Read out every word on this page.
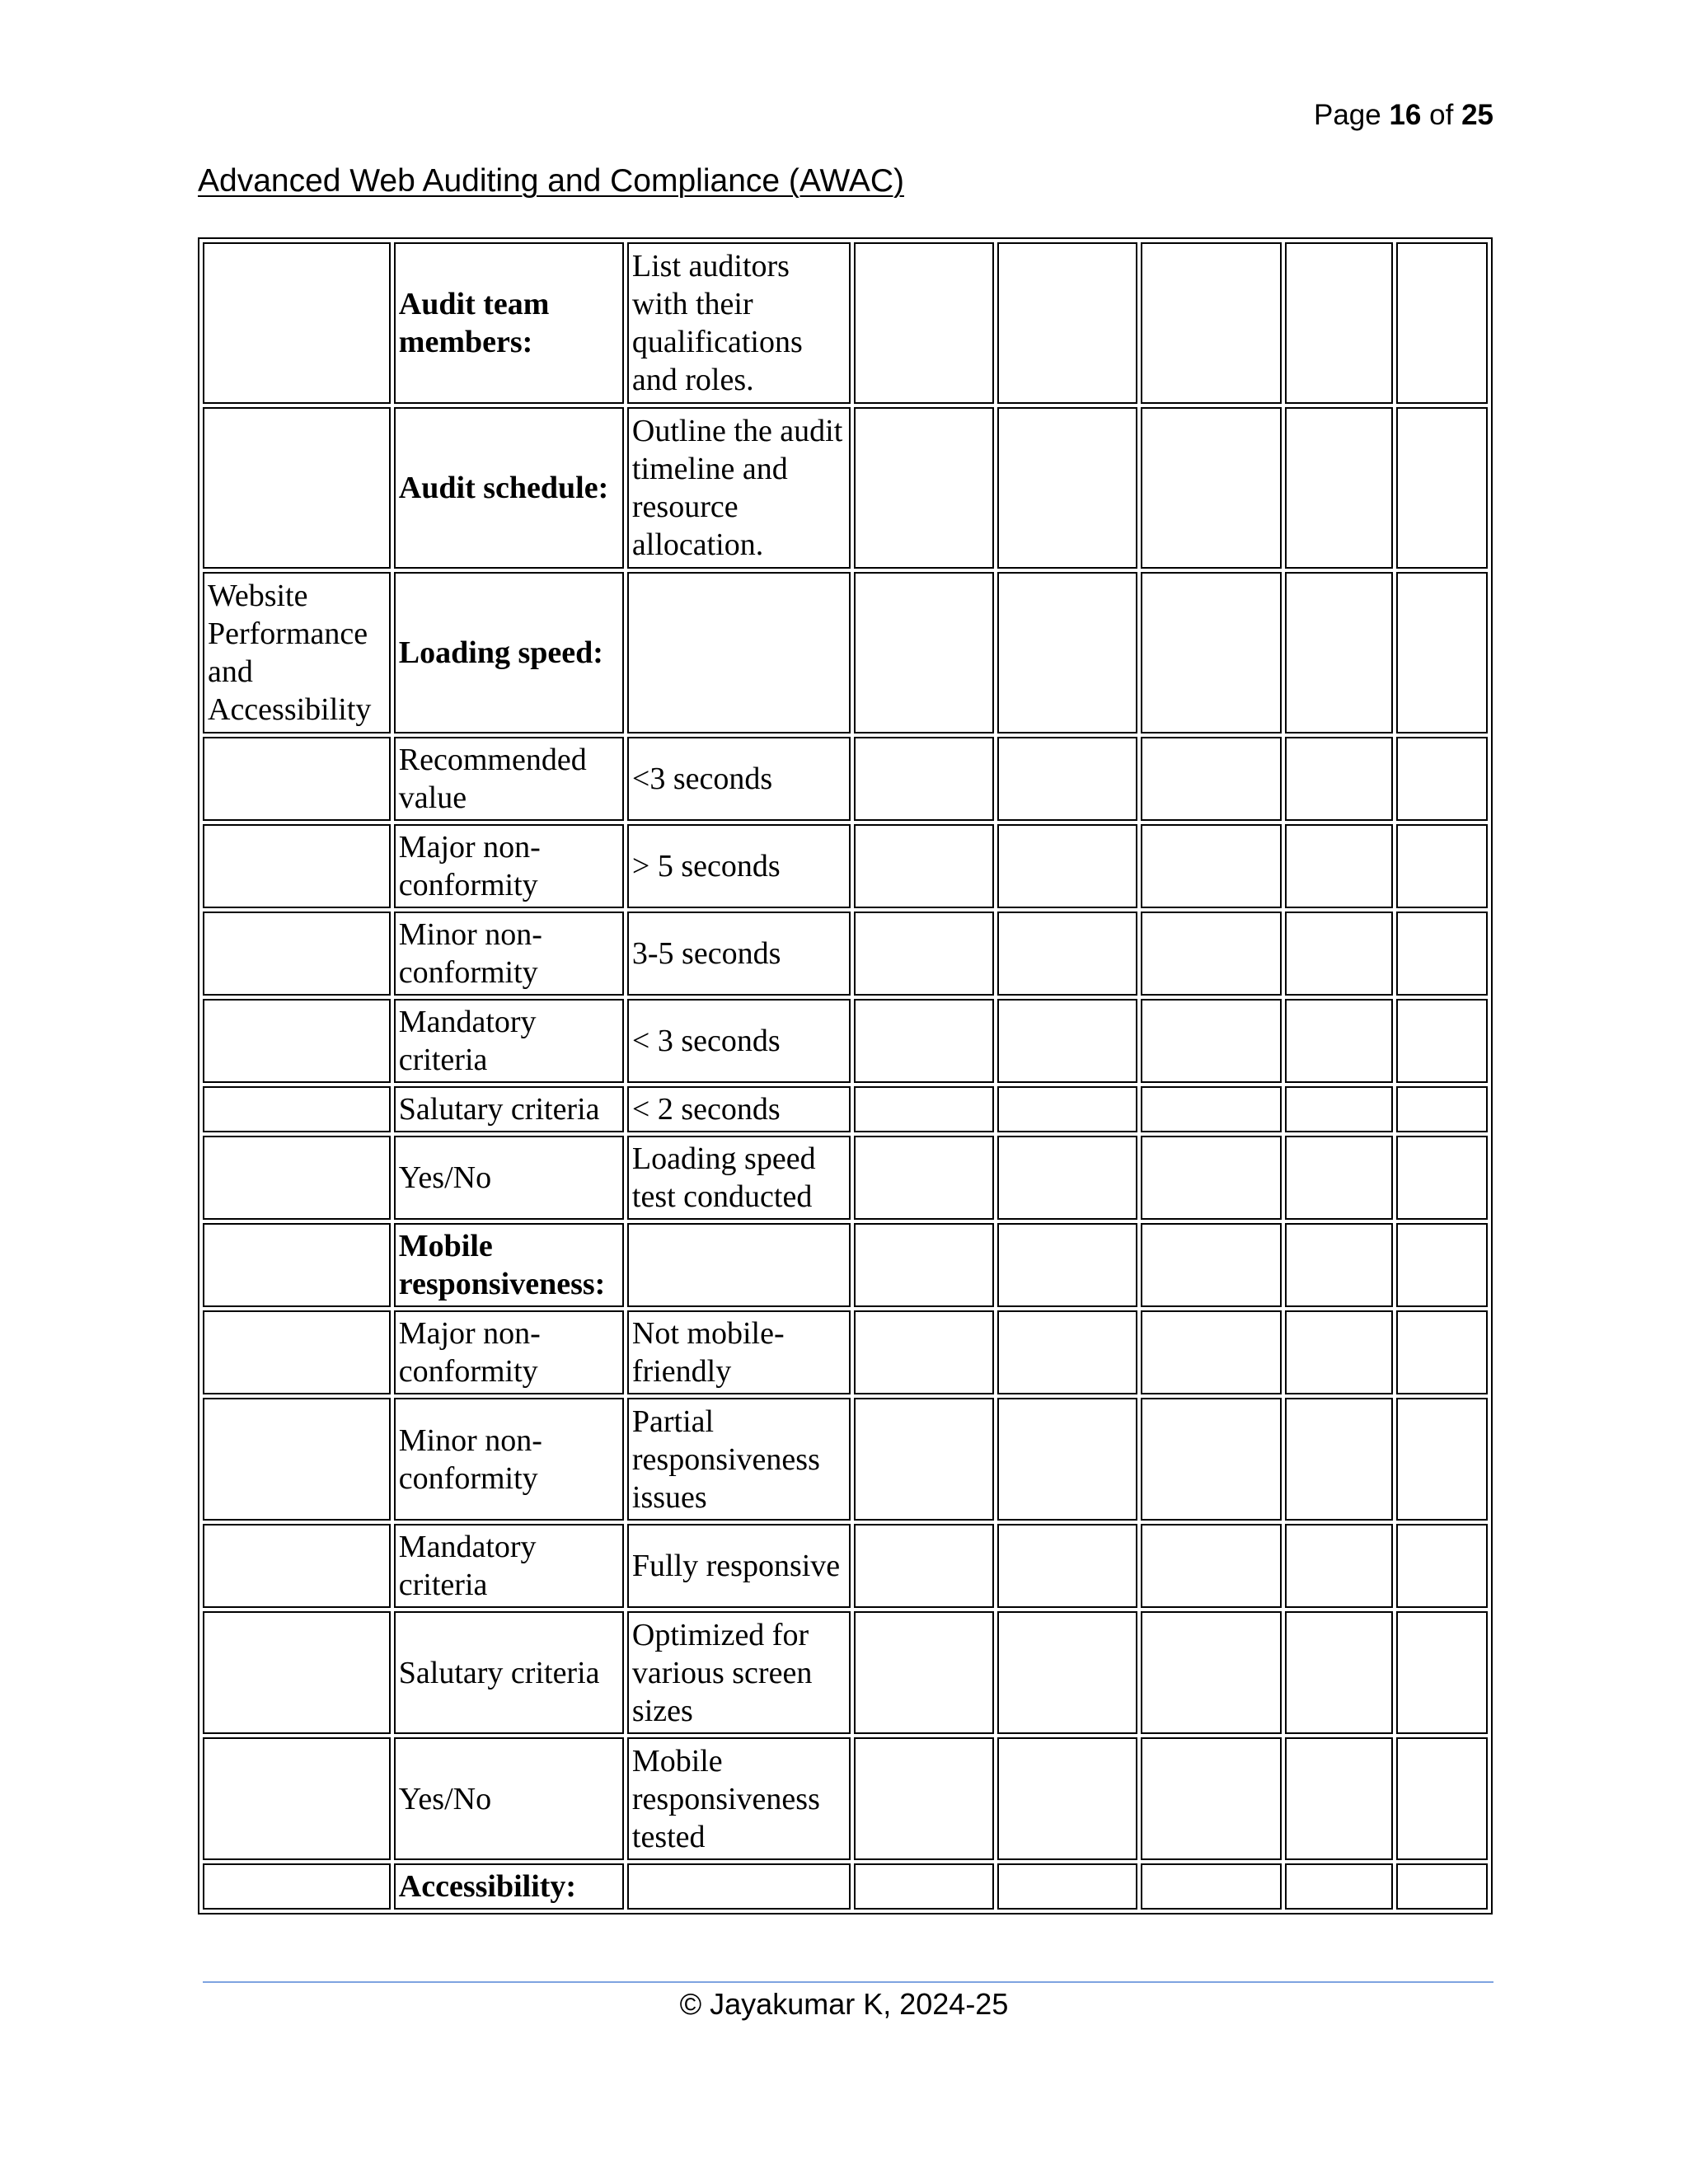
Page 16 of 25
Advanced Web Auditing and Compliance (AWAC)
	Audit team members:	List auditors with their qualifications and roles.					
	Audit schedule:	Outline the audit timeline and resource allocation.					
Website Performance and Accessibility	Loading speed:						
	Recommended value	<3 seconds					
	Major non-conformity	> 5 seconds					
	Minor non-conformity	3-5 seconds					
	Mandatory criteria	< 3 seconds					
	Salutary criteria	< 2 seconds					
	Yes/No	Loading speed test conducted					
	Mobile responsiveness:						
	Major non-conformity	Not mobile-friendly					
	Minor non-conformity	Partial responsiveness issues					
	Mandatory criteria	Fully responsive					
	Salutary criteria	Optimized for various screen sizes					
	Yes/No	Mobile responsiveness tested					
	Accessibility:						
© Jayakumar K, 2024-25
